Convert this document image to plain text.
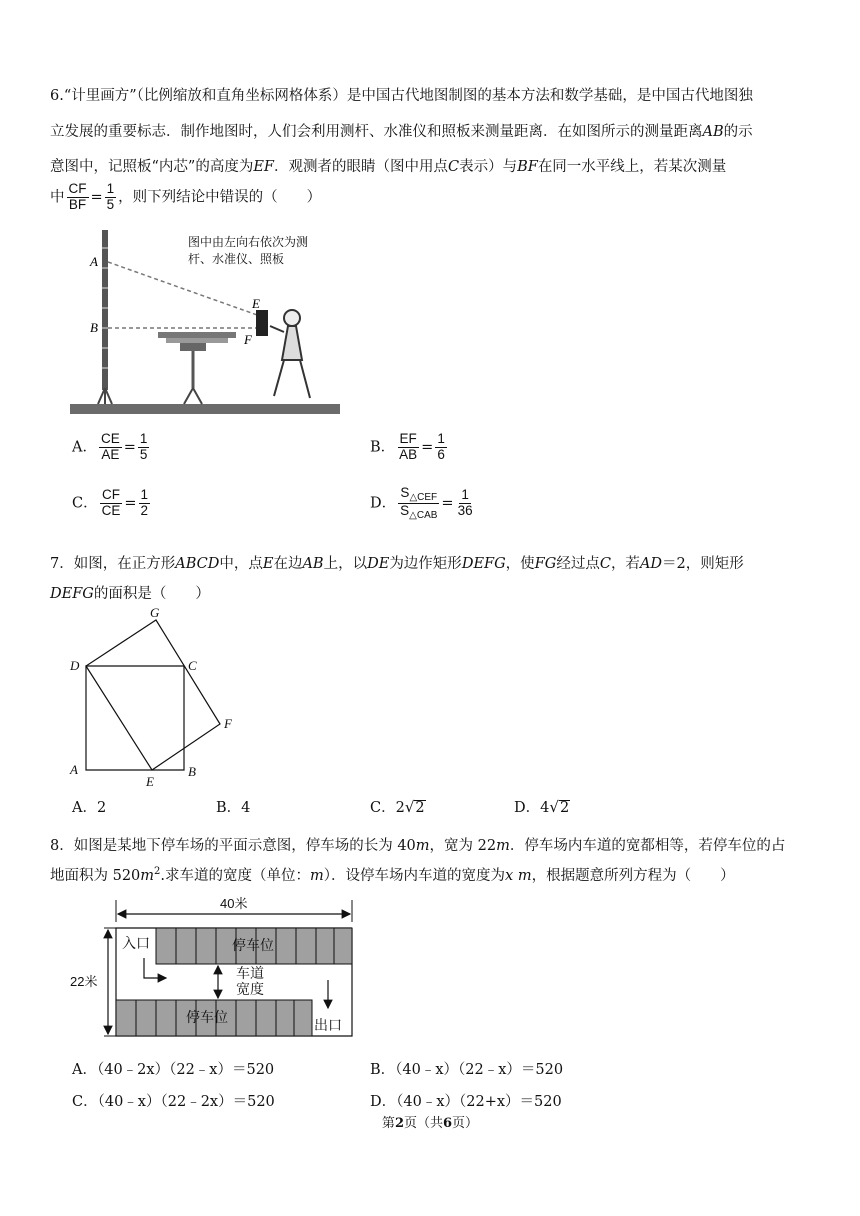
6.“计里画方”（比例缩放和直角坐标网格体系）是中国古代地图制图的基本方法和数学基础，是中国古代地图独
立发展的重要标志．制作地图时，人们会利用测杆、水准仪和照板来测量距离．在如图所示的测量距离AB的示
意图中，记照板“内芯”的高度为EF．观测者的眼睛（图中用点C表示）与BF在同一水平线上，若某次测量
中 $\frac{CF}{BF} = \frac{1}{5}$ ，则下列结论中错误的（　　）
图中由左向右依次为测
杆、水准仪、照板
A
B
E
F
A． $\frac{CE}{AE} = \frac{1}{5}$	B． $\frac{EF}{AB} = \frac{1}{6}$
C． $\frac{CF}{CE} = \frac{1}{2}$	D． $\frac{S_{\triangle CEF}}{S_{\triangle CAB}} = \frac{1}{36}$
7．如图，在正方形ABCD中，点E在边AB上，以DE为边作矩形DEFG，使FG经过点C，若AD＝2，则矩形
DEFG的面积是（　　）
G
D	C
F
A
E
B
A．2	B．4	C．2√2	D．4√2
8．如图是某地下停车场的平面示意图，停车场的长为 40m，宽为 22m．停车场内车道的宽都相等，若停车位的占
地面积为 $520m^2$.求车道的宽度（单位：m）．设停车场内车道的宽度为x m，根据题意所列方程为（　　）
40米
22米
停车位
停车位
入口
车道
宽度
出口
A．（40﹣2x）（22﹣x）＝520	B．（40﹣x）（22﹣x）＝520
C．（40﹣x）（22﹣2x）＝520	D．（40﹣x）（22+x）＝520
第2页（共6页）
